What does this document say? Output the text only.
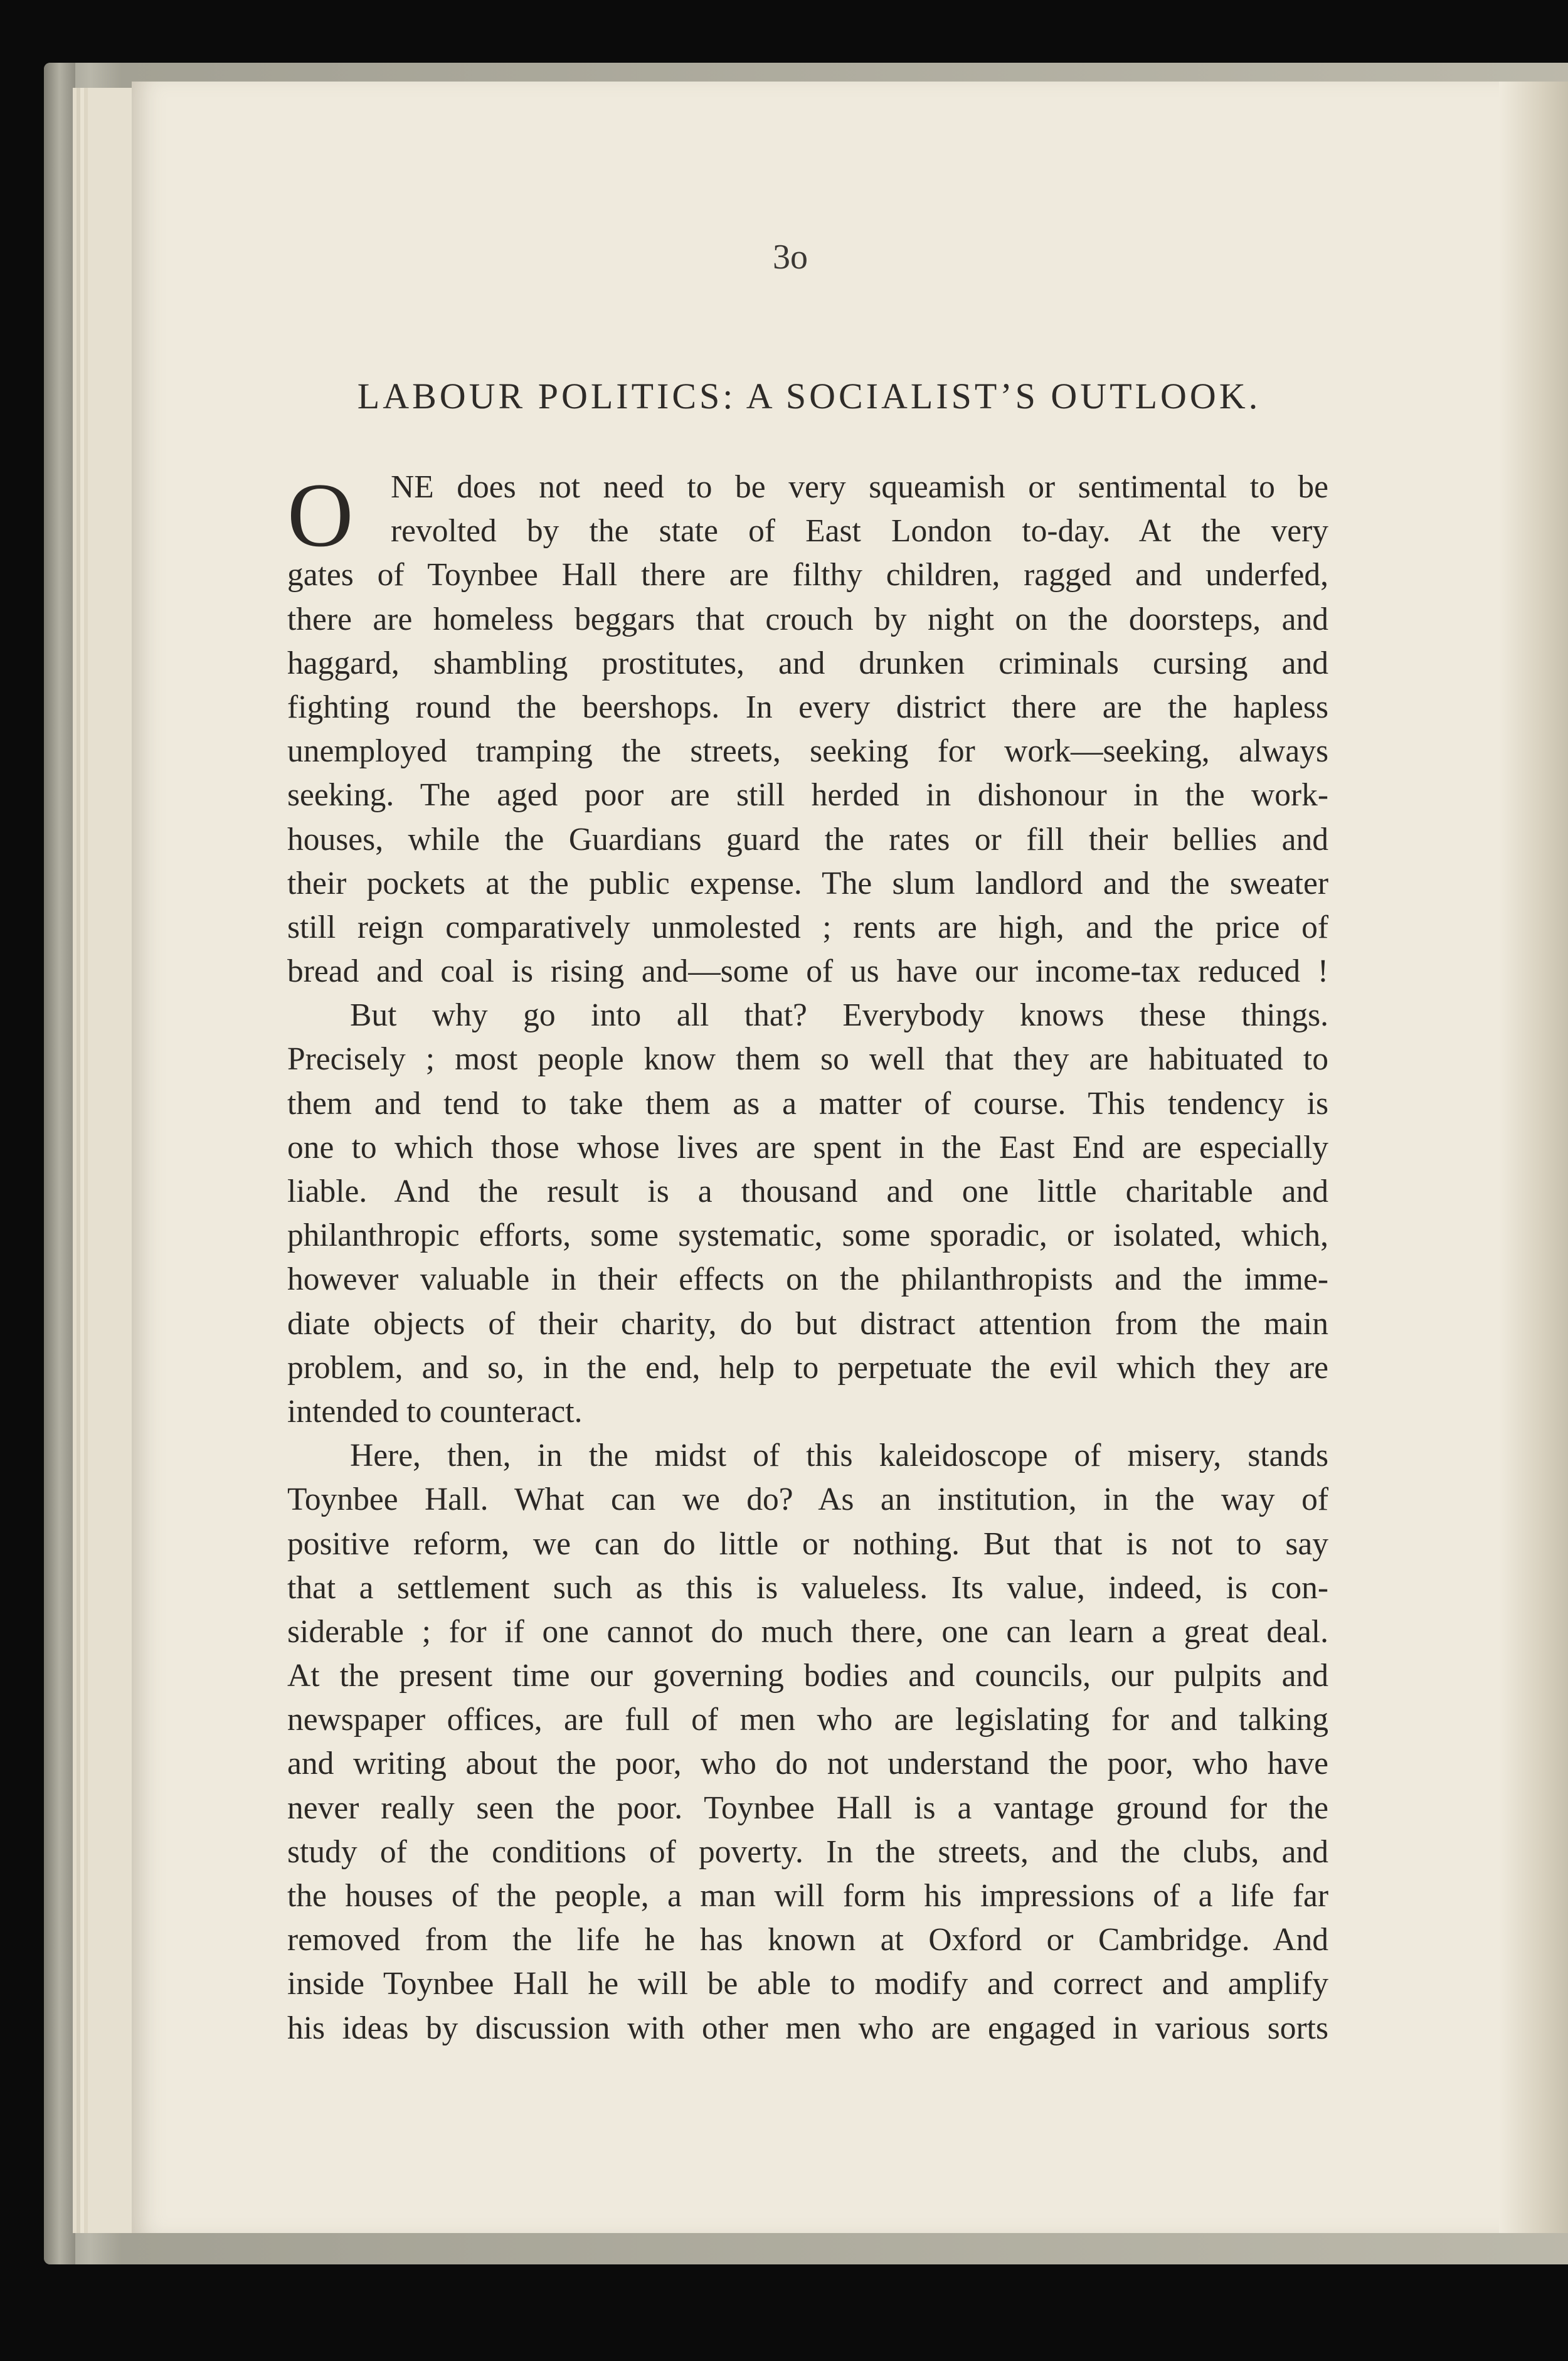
3o
LABOUR POLITICS: A SOCIALIST’S OUTLOOK.
O	NE does not need to be very squeamish or sentimental to be
revolted by the state of East London to-day. At the very
gates of Toynbee Hall there are filthy children, ragged and underfed,
there are homeless beggars that crouch by night on the doorsteps, and
haggard, shambling prostitutes, and drunken criminals cursing and
fighting round the beershops. In every district there are the hapless
unemployed tramping the streets, seeking for work—seeking, always
seeking. The aged poor are still herded in dishonour in the work-
houses, while the Guardians guard the rates or fill their bellies and
their pockets at the public expense. The slum landlord and the sweater
still reign comparatively unmolested ; rents are high, and the price of
bread and coal is rising and—some of us have our income-tax reduced !
But why go into all that? Everybody knows these things.
Precisely ; most people know them so well that they are habituated to
them and tend to take them as a matter of course. This tendency is
one to which those whose lives are spent in the East End are especially
liable. And the result is a thousand and one little charitable and
philanthropic efforts, some systematic, some sporadic, or isolated, which,
however valuable in their effects on the philanthropists and the imme-
diate objects of their charity, do but distract attention from the main
problem, and so, in the end, help to perpetuate the evil which they are
intended to counteract.
Here, then, in the midst of this kaleidoscope of misery, stands
Toynbee Hall. What can we do? As an institution, in the way of
positive reform, we can do little or nothing. But that is not to say
that a settlement such as this is valueless. Its value, indeed, is con-
siderable ; for if one cannot do much there, one can learn a great deal.
At the present time our governing bodies and councils, our pulpits and
newspaper offices, are full of men who are legislating for and talking
and writing about the poor, who do not understand the poor, who have
never really seen the poor. Toynbee Hall is a vantage ground for the
study of the conditions of poverty. In the streets, and the clubs, and
the houses of the people, a man will form his impressions of a life far
removed from the life he has known at Oxford or Cambridge. And
inside Toynbee Hall he will be able to modify and correct and amplify
his ideas by discussion with other men who are engaged in various sorts
